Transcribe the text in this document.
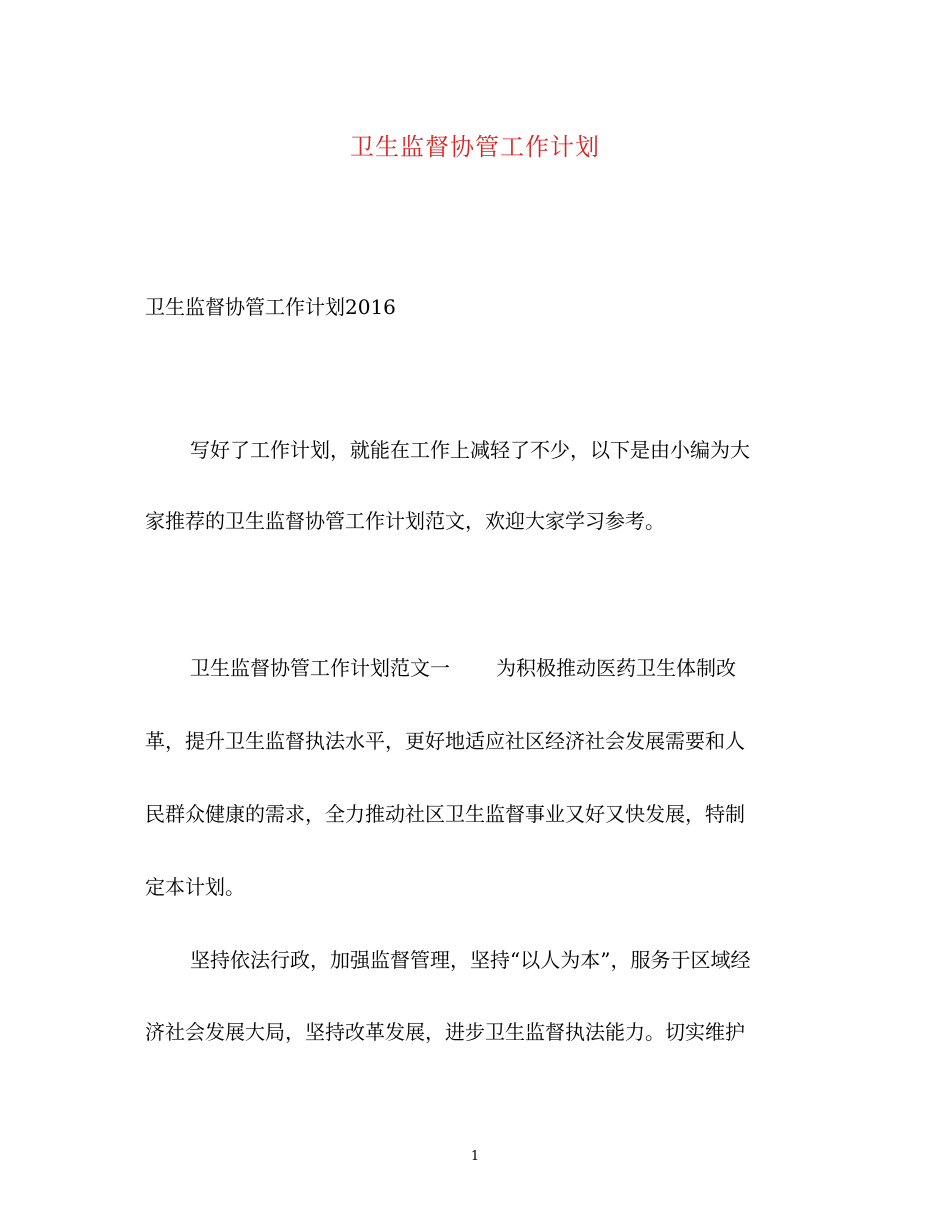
卫生监督协管工作计划
卫生监督协管工作计划2016
写好了工作计划，就能在工作上减轻了不少，以下是由小编为大
家推荐的卫生监督协管工作计划范文，欢迎大家学习参考。
卫生监督协管工作计划范文一 为积极推动医药卫生体制改
革，提升卫生监督执法水平，更好地适应社区经济社会发展需要和人
民群众健康的需求，全力推动社区卫生监督事业又好又快发展，特制
定本计划。
坚持依法行政，加强监督管理，坚持“以人为本”，服务于区域经
济社会发展大局，坚持改革发展，进步卫生监督执法能力。切实维护
1
